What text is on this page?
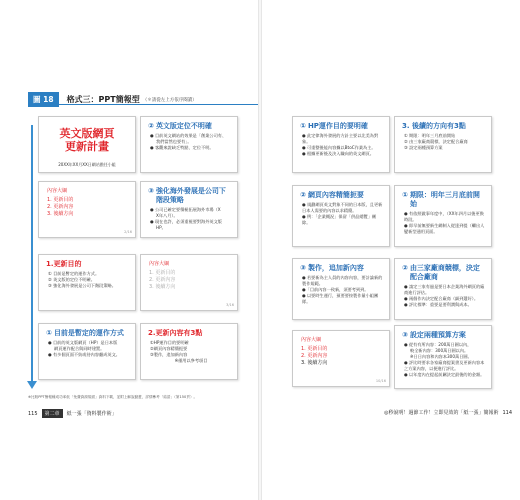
圖 18	格式三：PPT簡報型 （＊請從左上方依序閱讀）
英文版網頁
更新計畫
20XX年XX月XX日網站擔任小組
② 英文版定位不明確
● 目前英文網站的效果是「創業公司有、
我們當然也要有」。
● 客觀來說缺乏特點、定位不明。
內容大綱
1. 更新目的
2. 更新內容
3. 後續方向
2/16
③ 強化海外發展是公司下階段策略
● 公司已確定要積極拓展海外市場（X
X年八月）。
● 現在也許，必須重視要對海外英文版
HP。
1.更新目的
① 目前是暫定的運作方式。
② 英文版的定位不明確。
③ 強化海外發展是公司下階段策略。
內容大綱
1. 更新目的
2. 更新內容
3. 後續方向
3/16
① 目前是暫定的運作方式
● 目前的英文版網頁（HP）是日本版
網頁運作配合與同時建置。
● 有多個頁面不妨或待內容翻成英文。
2.更新內容有3點
①HP運作目的要明確
②網頁內容精簡扼要
③製作，追加新內容
※僅用以參考項目
※比較PPT簡報種成功率低「免費資源規面」資料下載，並附上解說動畫，詳情參考「結語」（第150頁）。
115	第二章	紙一張「資料製作術」
① HP運作目的要明確
● 此定律海外發展的方針主要以北美為對象。
● 可重整後能內容據以BtoC作業為主。
● 根據更新後及決入職向的英文網頁。
3. 後續的方向有3點
① 期限：明年三月底前開始
② 由三家廠商競標，決定配合廠商
③ 設定兩種預算方案
② 網頁內容精簡扼要
● 規劃網頁英文對象不同的日本版，且更新日本人需要的內容以求精簡。
● 例：「企業概況」保留「供品總覽」刪除。
① 期限：明年三月底前開始
● 有依照做事年度中，（XX年四月以後更換時段。
● 即早前無要新生網制入從達到提（繼出人變新型通用頁面。
③ 製作，追加新內容
● 若要新為主人員的內容內容，要計論新的製作規範。
●「目前內容一致新，須要考到到。
● 以要時生運行，預要要按製作量小組團隊。
② 由三家廠商競標，決定配合廠商
● 請定三家有過是要日本企業海外網頁的廠商進行評估。
● 兩個作內決定配合廠商（細到選好）。
● 評比標準：重要是要利潤與成本。
內容大綱
1. 更新目的
2. 更新內容
3. 後續方向
10/16
③ 設定兩種預算方案
● 從有有所內容：200萬日圓以內，
較全新內容：300萬日圓以內。
※日日內容和內容本300萬日圓。
● 評比時要求各家廠商提案書及更新內容本之方案內容，以便進行評比。
● 以年度內在提起前屬決定最後的的金額。
◎秒說明！過節工作！立即見效的「紙一張」簡報術 114
